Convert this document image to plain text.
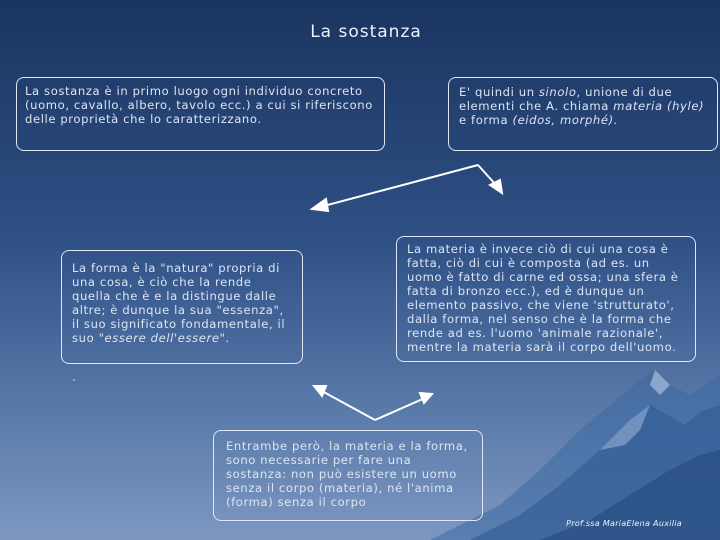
La sostanza
La sostanza è in primo luogo ogni individuo concreto (uomo, cavallo, albero, tavolo ecc.) a cui si riferiscono delle proprietà che lo caratterizzano.
E' quindi un sinolo, unione di due elementi che A. chiama materia (hyle) e forma (eidos, morphé).
La forma è la "natura" propria di una cosa, è ciò che la rende quella che è e la distingue dalle altre; è dunque la sua "essenza", il suo significato fondamentale, il suo "essere dell'essere".
.
La materia è invece ciò di cui una cosa è fatta, ciò di cui è composta (ad es. un uomo è fatto di carne ed ossa; una sfera è fatta di bronzo ecc.), ed è dunque un elemento passivo, che viene 'strutturato', dalla forma, nel senso che è la forma che rende ad es. l'uomo 'animale razionale', mentre la materia sarà il corpo dell'uomo.
Entrambe però, la materia e la forma, sono necessarie per fare una sostanza: non può esistere un uomo senza il corpo (materia), né l'anima (forma) senza il corpo
Prof.ssa MariaElena Auxilia
